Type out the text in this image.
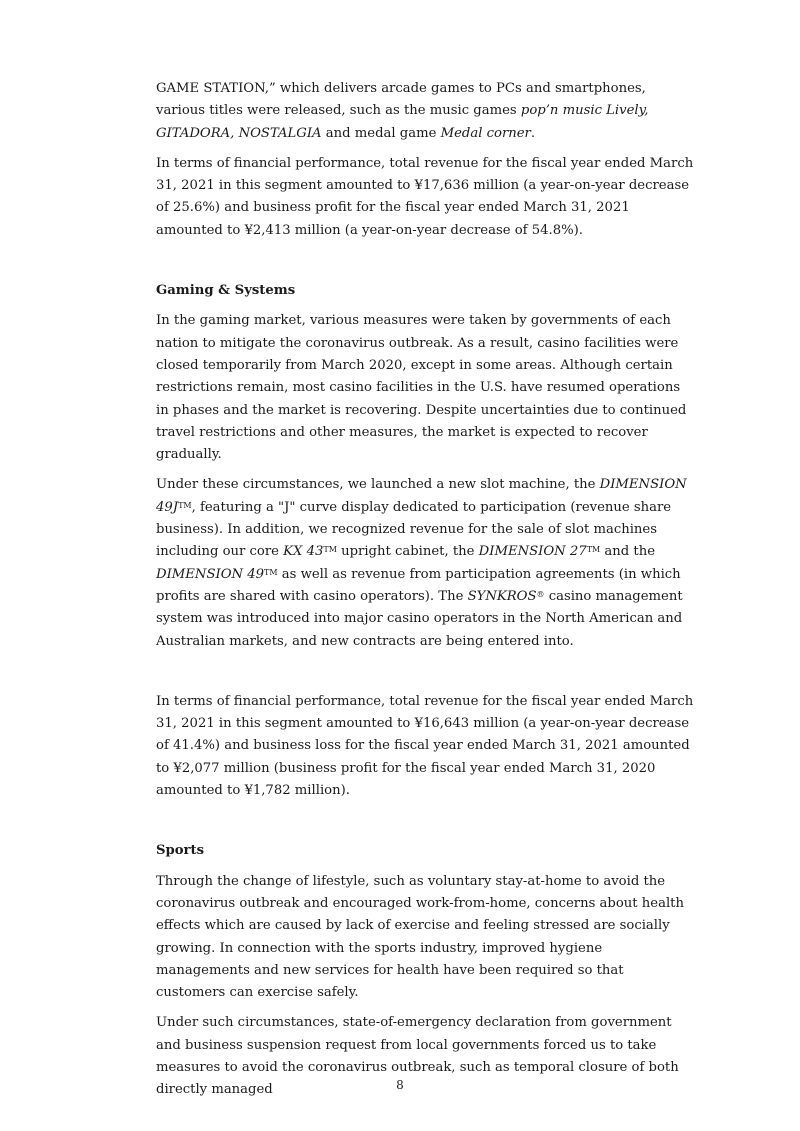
GAME STATION,” which delivers arcade games to PCs and smartphones, various titles were released, such as the music games pop’n music Lively, GITADORA, NOSTALGIA and medal game Medal corner.

In terms of financial performance, total revenue for the fiscal year ended March 31, 2021 in this segment amounted to ¥17,636 million (a year-on-year decrease of 25.6%) and business profit for the fiscal year ended March 31, 2021 amounted to ¥2,413 million (a year-on-year decrease of 54.8%).

Gaming & Systems

In the gaming market, various measures were taken by governments of each nation to mitigate the coronavirus outbreak. As a result, casino facilities were closed temporarily from March 2020, except in some areas. Although certain restrictions remain, most casino facilities in the U.S. have resumed operations in phases and the market is recovering. Despite uncertainties due to continued travel restrictions and other measures, the market is expected to recover gradually.

Under these circumstances, we launched a new slot machine, the DIMENSION 49J™, featuring a "J" curve display dedicated to participation (revenue share business). In addition, we recognized revenue for the sale of slot machines including our core KX 43™ upright cabinet, the DIMENSION 27™ and the DIMENSION 49™ as well as revenue from participation agreements (in which profits are shared with casino operators). The SYNKROS® casino management system was introduced into major casino operators in the North American and Australian markets, and new contracts are being entered into.

In terms of financial performance, total revenue for the fiscal year ended March 31, 2021 in this segment amounted to ¥16,643 million (a year-on-year decrease of 41.4%) and business loss for the fiscal year ended March 31, 2021 amounted to ¥2,077 million (business profit for the fiscal year ended March 31, 2020 amounted to ¥1,782 million).

Sports

Through the change of lifestyle, such as voluntary stay-at-home to avoid the coronavirus outbreak and encouraged work-from-home, concerns about health effects which are caused by lack of exercise and feeling stressed are socially growing. In connection with the sports industry, improved hygiene managements and new services for health have been required so that customers can exercise safely.

Under such circumstances, state-of-emergency declaration from government and business suspension request from local governments forced us to take measures to avoid the coronavirus outbreak, such as temporal closure of both directly managed	8
